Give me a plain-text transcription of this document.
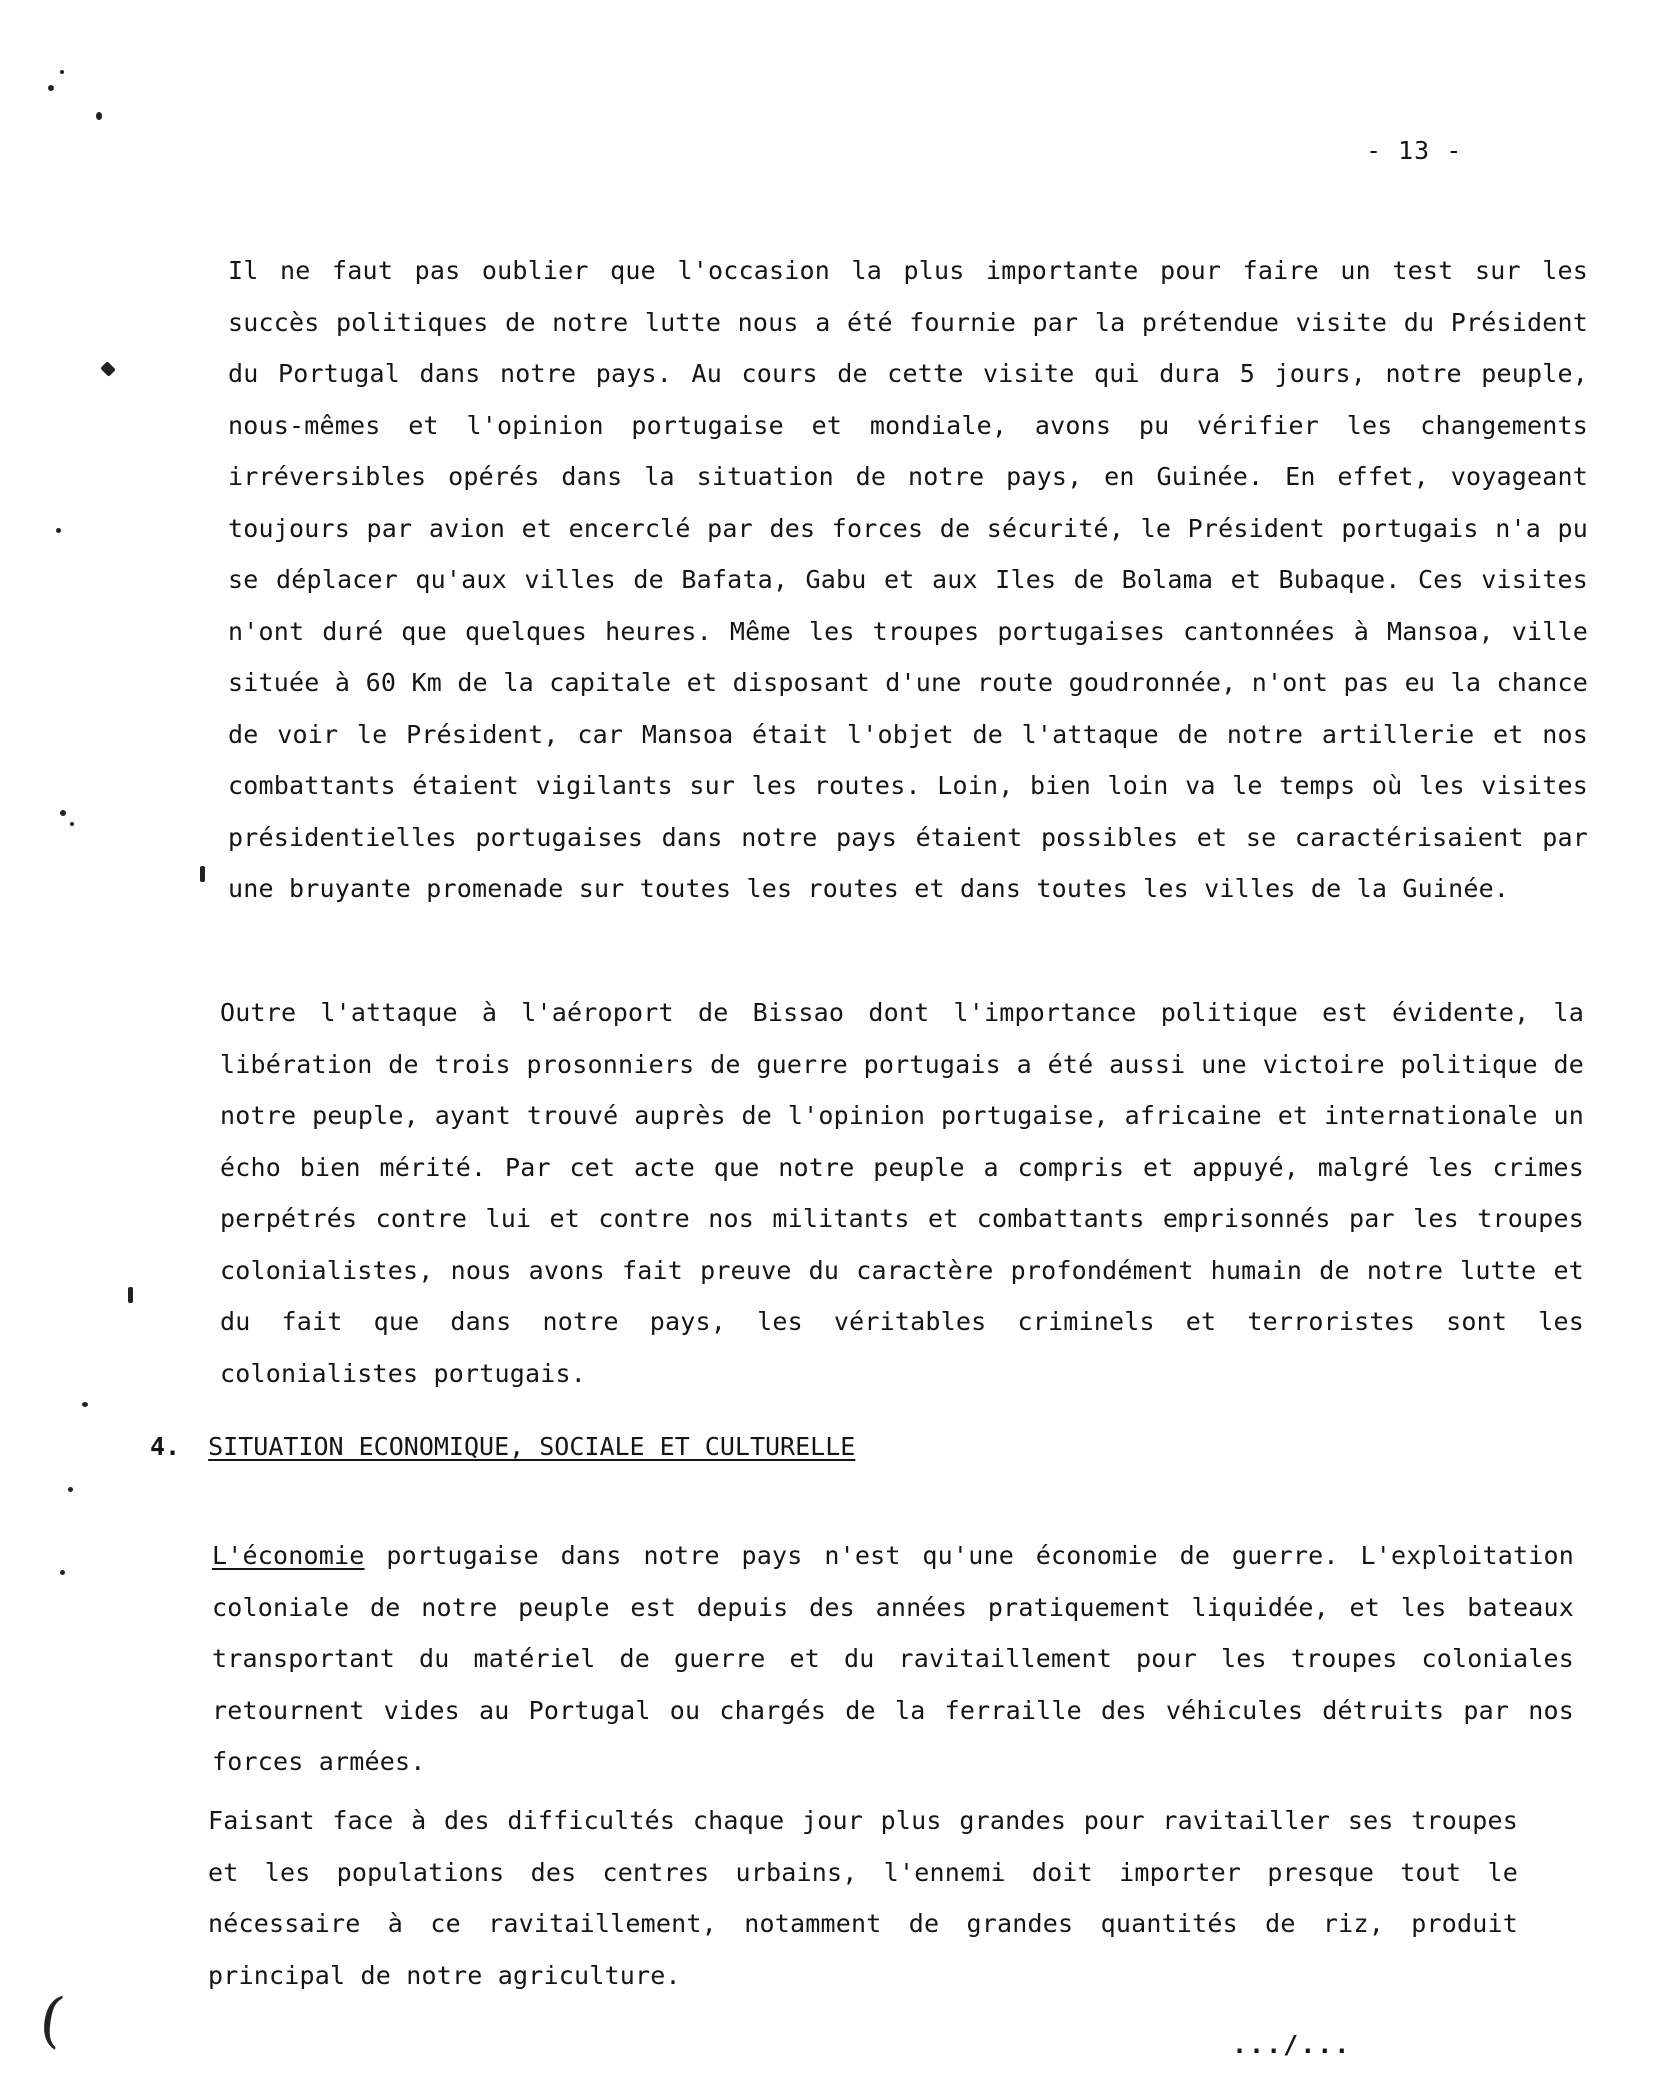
- 13 -

Il ne faut pas oublier que l'occasion la plus importante pour faire un test sur les succès politiques de notre lutte nous a été fournie par la prétendue visite du Président du Portugal dans notre pays. Au cours de cette visite qui dura 5 jours, notre peuple, nous-mêmes et l'opinion portugaise et mondiale, avons pu vérifier les changements irréversibles opérés dans la situation de notre pays, en Guinée. En effet, voyageant toujours par avion et encerclé par des forces de sécurité, le Président portugais n'a pu se déplacer qu'aux villes de Bafata, Gabu et aux Iles de Bolama et Bubaque. Ces visites n'ont duré que quelques heures. Même les troupes portugaises cantonnées à Mansoa, ville située à 60 Km de la capitale et disposant d'une route goudronnée, n'ont pas eu la chance de voir le Président, car Mansoa était l'objet de l'attaque de notre artillerie et nos combattants étaient vigilants sur les routes. Loin, bien loin va le temps où les visites présidentielles portugaises dans notre pays étaient possibles et se caractérisaient par une bruyante promenade sur toutes les routes et dans toutes les villes de la Guinée.

Outre l'attaque à l'aéroport de Bissao dont l'importance politique est évidente, la libération de trois prosonniers de guerre portugais a été aussi une victoire politique de notre peuple, ayant trouvé auprès de l'opinion portugaise, africaine et internationale un écho bien mérité. Par cet acte que notre peuple a compris et appuyé, malgré les crimes perpétrés contre lui et contre nos militants et combattants emprisonnés par les troupes colonialistes, nous avons fait preuve du caractère profondément humain de notre lutte et du fait que dans notre pays, les véritables criminels et terroristes sont les colonialistes portugais.

4. SITUATION ECONOMIQUE, SOCIALE ET CULTURELLE

L'économie portugaise dans notre pays n'est qu'une économie de guerre. L'exploitation coloniale de notre peuple est depuis des années pratiquement liquidée, et les bateaux transportant du matériel de guerre et du ravitaillement pour les troupes coloniales retournent vides au Portugal ou chargés de la ferraille des véhicules détruits par nos forces armées.

Faisant face à des difficultés chaque jour plus grandes pour ravitailler ses troupes et les populations des centres urbains, l'ennemi doit importer presque tout le nécessaire à ce ravitaillement, notamment de grandes quantités de riz, produit principal de notre agriculture.

.../...
(
